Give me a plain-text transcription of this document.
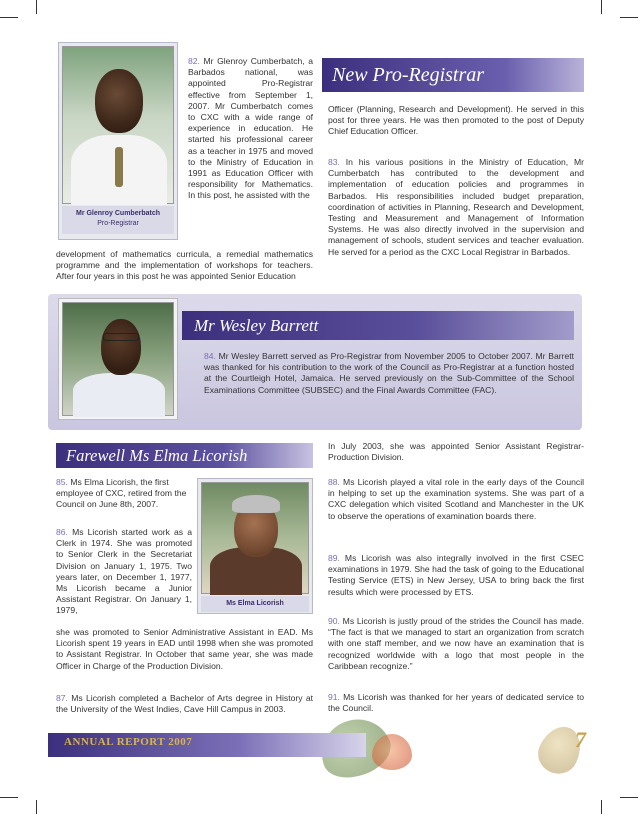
Mr Glenroy Cumberbatch
Pro-Registrar
82. Mr Glenroy Cumberbatch, a Barbados national, was appointed Pro-Registrar effective from September 1, 2007. Mr Cumberbatch comes to CXC with a wide range of experience in education. He started his professional career as a teacher in 1975 and moved to the Ministry of Education in 1991 as Education Officer with responsibility for Mathematics. In this post, he assisted with the
development of mathematics curricula, a remedial mathematics programme and the implementation of workshops for teachers. After four years in this post he was appointed Senior Education
New Pro-Registrar
Officer (Planning, Research and Development). He served in this post for three years. He was then promoted to the post of Deputy Chief Education Officer.
83. In his various positions in the Ministry of Education, Mr Cumberbatch has contributed to the development and implementation of education policies and programmes in Barbados. His responsibilities included budget preparation, coordination of activities in Planning, Research and Development, Testing and Measurement and Management of Information Systems. He was also directly involved in the supervision and management of schools, student services and teacher evaluation. He served for a period as the CXC Local Registrar in Barbados.
Mr Wesley Barrett
84. Mr Wesley Barrett served as Pro-Registrar from November 2005 to October 2007. Mr Barrett was thanked for his contribution to the work of the Council as Pro-Registrar at a function hosted at the Courtleigh Hotel, Jamaica. He served previously on the Sub-Committee of the School Examinations Committee (SUBSEC) and the Final Awards Committee (FAC).
Farewell Ms Elma Licorish
85. Ms Elma Licorish, the first employee of CXC, retired from the Council on June 8th, 2007.
86. Ms Licorish started work as a Clerk in 1974. She was promoted to Senior Clerk in the Secretariat Division on January 1, 1975. Two years later, on December 1, 1977, Ms Licorish became a Junior Assistant Registrar. On January 1, 1979,
she was promoted to Senior Administrative Assistant in EAD. Ms Licorish spent 19 years in EAD until 1998 when she was promoted to Assistant Registrar. In October that same year, she was made Officer in Charge of the Production Division.
Ms Elma Licorish
87. Ms Licorish completed a Bachelor of Arts degree in History at the University of the West Indies, Cave Hill Campus in 2003.
In July 2003, she was appointed Senior Assistant Registrar-Production Division.
88. Ms Licorish played a vital role in the early days of the Council in helping to set up the examination systems. She was part of a CXC delegation which visited Scotland and Manchester in the UK to observe the operations of examination boards there.
89. Ms Licorish was also integrally involved in the first CSEC examinations in 1979. She had the task of going to the Educational Testing Service (ETS) in New Jersey, USA to bring back the first results which were processed by ETS.
90. Ms Licorish is justly proud of the strides the Council has made. “The fact is that we managed to start an organization from scratch with one staff member, and we now have an examination that is recognized worldwide with a logo that most people in the Caribbean recognize.”
91. Ms Licorish was thanked for her years of dedicated service to the Council.
ANNUAL REPORT 2007	7
